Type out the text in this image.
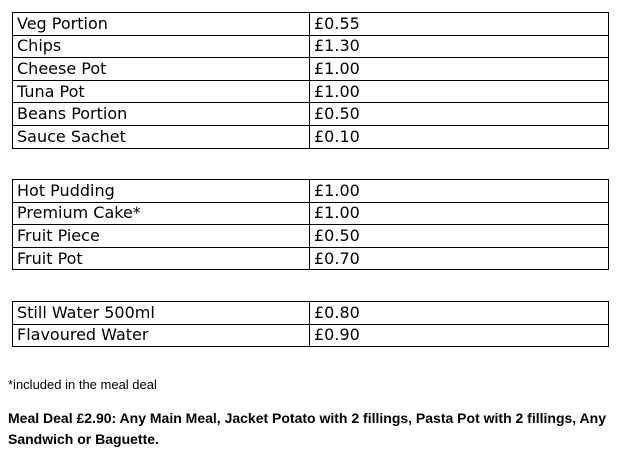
Veg Portion	£0.55
Chips	£1.30
Cheese Pot	£1.00
Tuna Pot	£1.00
Beans Portion	£0.50
Sauce Sachet	£0.10
Hot Pudding	£1.00
Premium Cake*	£1.00
Fruit Piece	£0.50
Fruit Pot	£0.70
Still Water 500ml	£0.80
Flavoured Water	£0.90
*included in the meal deal
Meal Deal £2.90: Any Main Meal, Jacket Potato with 2 fillings, Pasta Pot with 2 fillings, Any Sandwich or Baguette.
